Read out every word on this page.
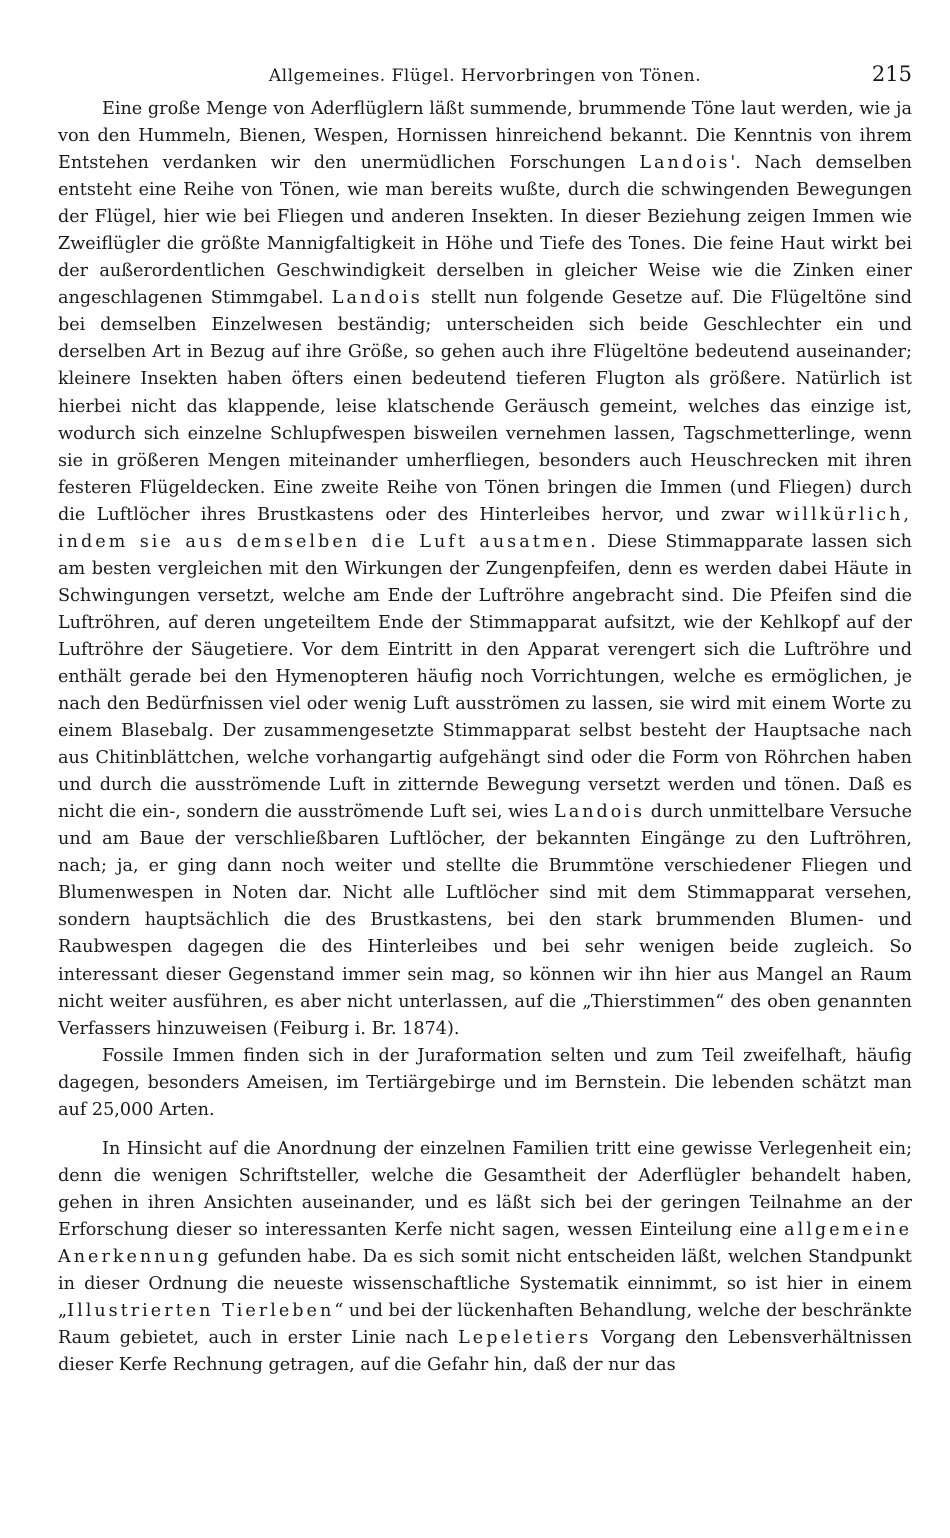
Allgemeines. Flügel. Hervorbringen von Tönen.	215

Eine große Menge von Aderflüglern läßt summende, brummende Töne laut werden, wie ja von den Hummeln, Bienen, Wespen, Hornissen hinreichend bekannt. Die Kenntnis von ihrem Entstehen verdanken wir den unermüdlichen Forschungen Landois'. Nach demselben entsteht eine Reihe von Tönen, wie man bereits wußte, durch die schwingenden Bewegungen der Flügel, hier wie bei Fliegen und anderen Insekten. In dieser Beziehung zeigen Immen wie Zweiflügler die größte Mannigfaltigkeit in Höhe und Tiefe des Tones. Die feine Haut wirkt bei der außerordentlichen Geschwindigkeit derselben in gleicher Weise wie die Zinken einer angeschlagenen Stimmgabel. Landois stellt nun folgende Gesetze auf. Die Flügeltöne sind bei demselben Einzelwesen beständig; unterscheiden sich beide Geschlechter ein und derselben Art in Bezug auf ihre Größe, so gehen auch ihre Flügeltöne bedeutend auseinander; kleinere Insekten haben öfters einen bedeutend tieferen Flugton als größere. Natürlich ist hierbei nicht das klappende, leise klatschende Geräusch gemeint, welches das einzige ist, wodurch sich einzelne Schlupfwespen bisweilen vernehmen lassen, Tagschmetterlinge, wenn sie in größeren Mengen miteinander umherfliegen, besonders auch Heuschrecken mit ihren festeren Flügeldecken. Eine zweite Reihe von Tönen bringen die Immen (und Fliegen) durch die Luftlöcher ihres Brustkastens oder des Hinterleibes hervor, und zwar willkürlich, indem sie aus demselben die Luft ausatmen. Diese Stimmapparate lassen sich am besten vergleichen mit den Wirkungen der Zungenpfeifen, denn es werden dabei Häute in Schwingungen versetzt, welche am Ende der Luftröhre angebracht sind. Die Pfeifen sind die Luftröhren, auf deren ungeteiltem Ende der Stimmapparat aufsitzt, wie der Kehlkopf auf der Luftröhre der Säugetiere. Vor dem Eintritt in den Apparat verengert sich die Luftröhre und enthält gerade bei den Hymenopteren häufig noch Vorrichtungen, welche es ermöglichen, je nach den Bedürfnissen viel oder wenig Luft ausströmen zu lassen, sie wird mit einem Worte zu einem Blasebalg. Der zusammengesetzte Stimmapparat selbst besteht der Hauptsache nach aus Chitinblättchen, welche vorhangartig aufgehängt sind oder die Form von Röhrchen haben und durch die ausströmende Luft in zitternde Bewegung versetzt werden und tönen. Daß es nicht die ein-, sondern die ausströmende Luft sei, wies Landois durch unmittelbare Versuche und am Baue der verschließbaren Luftlöcher, der bekannten Eingänge zu den Luftröhren, nach; ja, er ging dann noch weiter und stellte die Brummtöne verschiedener Fliegen und Blumenwespen in Noten dar. Nicht alle Luftlöcher sind mit dem Stimmapparat versehen, sondern hauptsächlich die des Brustkastens, bei den stark brummenden Blumen- und Raubwespen dagegen die des Hinterleibes und bei sehr wenigen beide zugleich. So interessant dieser Gegenstand immer sein mag, so können wir ihn hier aus Mangel an Raum nicht weiter ausführen, es aber nicht unterlassen, auf die „Thierstimmen“ des oben genannten Verfassers hinzuweisen (Feiburg i. Br. 1874).

Fossile Immen finden sich in der Juraformation selten und zum Teil zweifelhaft, häufig dagegen, besonders Ameisen, im Tertiärgebirge und im Bernstein. Die lebenden schätzt man auf 25,000 Arten.

In Hinsicht auf die Anordnung der einzelnen Familien tritt eine gewisse Verlegenheit ein; denn die wenigen Schriftsteller, welche die Gesamtheit der Aderflügler behandelt haben, gehen in ihren Ansichten auseinander, und es läßt sich bei der geringen Teilnahme an der Erforschung dieser so interessanten Kerfe nicht sagen, wessen Einteilung eine allgemeine Anerkennung gefunden habe. Da es sich somit nicht entscheiden läßt, welchen Standpunkt in dieser Ordnung die neueste wissenschaftliche Systematik einnimmt, so ist hier in einem „Illustrierten Tierleben“ und bei der lückenhaften Behandlung, welche der beschränkte Raum gebietet, auch in erster Linie nach Lepeletiers Vorgang den Lebensverhältnissen dieser Kerfe Rechnung getragen, auf die Gefahr hin, daß der nur das
